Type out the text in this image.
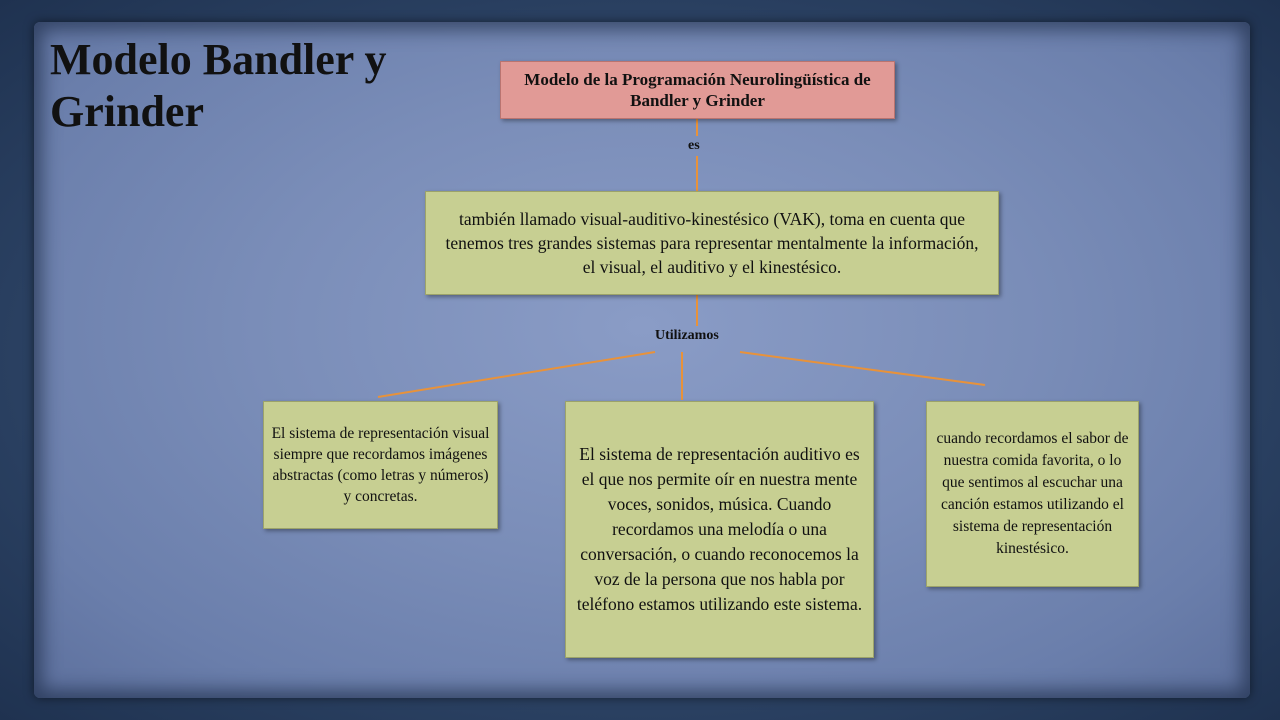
Modelo Bandler y Grinder
Modelo de la Programación Neurolingüística de Bandler y Grinder
es
también llamado visual-auditivo-kinestésico (VAK), toma en cuenta que tenemos tres grandes sistemas para representar mentalmente la información, el visual, el auditivo y el kinestésico.
Utilizamos
El sistema de representación visual siempre que recordamos imágenes abstractas (como letras y números) y concretas.
El sistema de representación auditivo es el que nos permite oír en nuestra mente voces, sonidos, música. Cuando recordamos una melodía o una conversación, o cuando reconocemos la voz de la persona que nos habla por teléfono estamos utilizando este sistema.
cuando recordamos el sabor de nuestra comida favorita, o lo que sentimos al escuchar una canción estamos utilizando el sistema de representación kinestésico.
